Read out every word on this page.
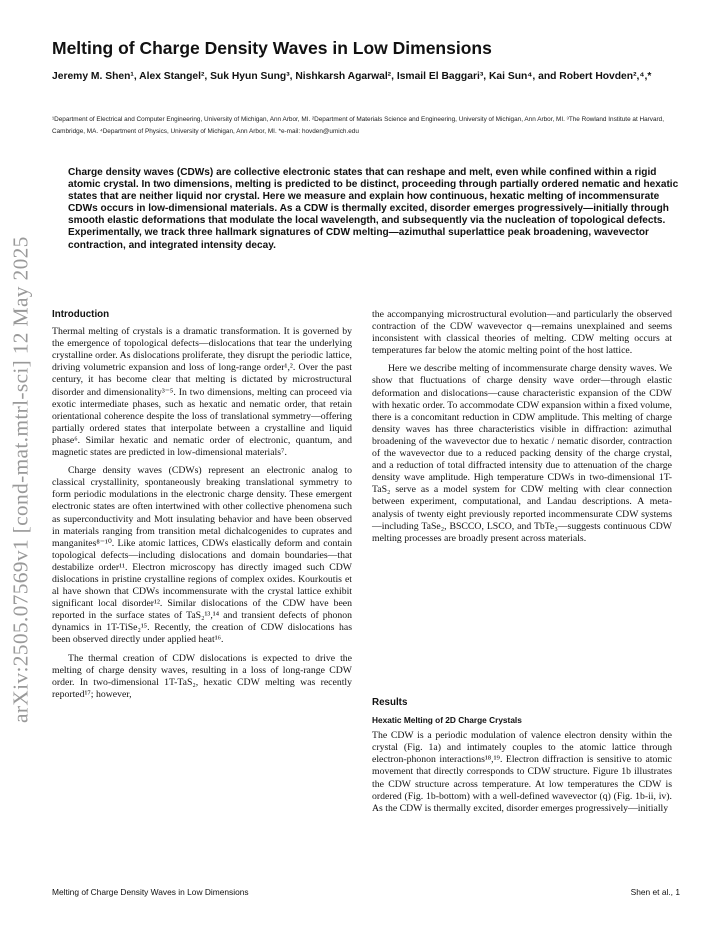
arXiv:2505.07569v1 [cond-mat.mtrl-sci] 12 May 2025
Melting of Charge Density Waves in Low Dimensions
Jeremy M. Shen¹, Alex Stangel², Suk Hyun Sung³, Nishkarsh Agarwal², Ismail El Baggari³, Kai Sun⁴, and Robert Hovden²,⁴,*
¹Department of Electrical and Computer Engineering, University of Michigan, Ann Arbor, MI. ²Department of Materials Science and Engineering, University of Michigan, Ann Arbor, MI. ³The Rowland Institute at Harvard, Cambridge, MA. ⁴Department of Physics, University of Michigan, Ann Arbor, MI. *e-mail: hovden@umich.edu
Charge density waves (CDWs) are collective electronic states that can reshape and melt, even while confined within a rigid atomic crystal. In two dimensions, melting is predicted to be distinct, proceeding through partially ordered nematic and hexatic states that are neither liquid nor crystal. Here we measure and explain how continuous, hexatic melting of incommensurate CDWs occurs in low-dimensional materials. As a CDW is thermally excited, disorder emerges progressively—initially through smooth elastic deformations that modulate the local wavelength, and subsequently via the nucleation of topological defects. Experimentally, we track three hallmark signatures of CDW melting—azimuthal superlattice peak broadening, wavevector contraction, and integrated intensity decay.
Introduction

Thermal melting of crystals is a dramatic transformation. It is governed by the emergence of topological defects—dislocations that tear the underlying crystalline order. As dislocations proliferate, they disrupt the periodic lattice, driving volumetric expansion and loss of long-range order¹,². Over the past century, it has become clear that melting is dictated by microstructural disorder and dimensionality³⁻⁵. In two dimensions, melting can proceed via exotic intermediate phases, such as hexatic and nematic order, that retain orientational coherence despite the loss of translational symmetry—offering partially ordered states that interpolate between a crystalline and liquid phase⁶. Similar hexatic and nematic order of electronic, quantum, and magnetic states are predicted in low-dimensional materials⁷.

Charge density waves (CDWs) represent an electronic analog to classical crystallinity, spontaneously breaking translational symmetry to form periodic modulations in the electronic charge density. These emergent electronic states are often intertwined with other collective phenomena such as superconductivity and Mott insulating behavior and have been observed in materials ranging from transition metal dichalcogenides to cuprates and manganites⁸⁻¹⁰. Like atomic lattices, CDWs elastically deform and contain topological defects—including dislocations and domain boundaries—that destabilize order¹¹. Electron microscopy has directly imaged such CDW dislocations in pristine crystalline regions of complex oxides. Kourkoutis et al have shown that CDWs incommensurate with the crystal lattice exhibit significant local disorder¹². Similar dislocations of the CDW have been reported in the surface states of TaS₂¹³,¹⁴ and transient defects of phonon dynamics in 1T-TiSe₂¹⁵. Recently, the creation of CDW dislocations has been observed directly under applied heat¹⁶.

The thermal creation of CDW dislocations is expected to drive the melting of charge density waves, resulting in a loss of long-range CDW order. In two-dimensional 1T-TaS₂, hexatic CDW melting was recently reported¹⁷; however,

the accompanying microstructural evolution—and particularly the observed contraction of the CDW wavevector q—remains unexplained and seems inconsistent with classical theories of melting. CDW melting occurs at temperatures far below the atomic melting point of the host lattice.

Here we describe melting of incommensurate charge density waves. We show that fluctuations of charge density wave order—through elastic deformation and dislocations—cause characteristic expansion of the CDW with hexatic order. To accommodate CDW expansion within a fixed volume, there is a concomitant reduction in CDW amplitude. This melting of charge density waves has three characteristics visible in diffraction: azimuthal broadening of the wavevector due to hexatic / nematic disorder, contraction of the wavevector due to a reduced packing density of the charge crystal, and a reduction of total diffracted intensity due to attenuation of the charge density wave amplitude. High temperature CDWs in two-dimensional 1T-TaS₂ serve as a model system for CDW melting with clear connection between experiment, computational, and Landau descriptions. A meta-analysis of twenty eight previously reported incommensurate CDW systems—including TaSe₂, BSCCO, LSCO, and TbTe₃—suggests continuous CDW melting processes are broadly present across materials.

Results
Hexatic Melting of 2D Charge Crystals

The CDW is a periodic modulation of valence electron density within the crystal (Fig. 1a) and intimately couples to the atomic lattice through electron-phonon interactions¹⁸,¹⁹. Electron diffraction is sensitive to atomic movement that directly corresponds to CDW structure. Figure 1b illustrates the CDW structure across temperature. At low temperatures the CDW is ordered (Fig. 1b-bottom) with a well-defined wavevector (q) (Fig. 1b-ii, iv). As the CDW is thermally excited, disorder emerges progressively—initially

Melting of Charge Density Waves in Low Dimensions	Shen et al., 1
